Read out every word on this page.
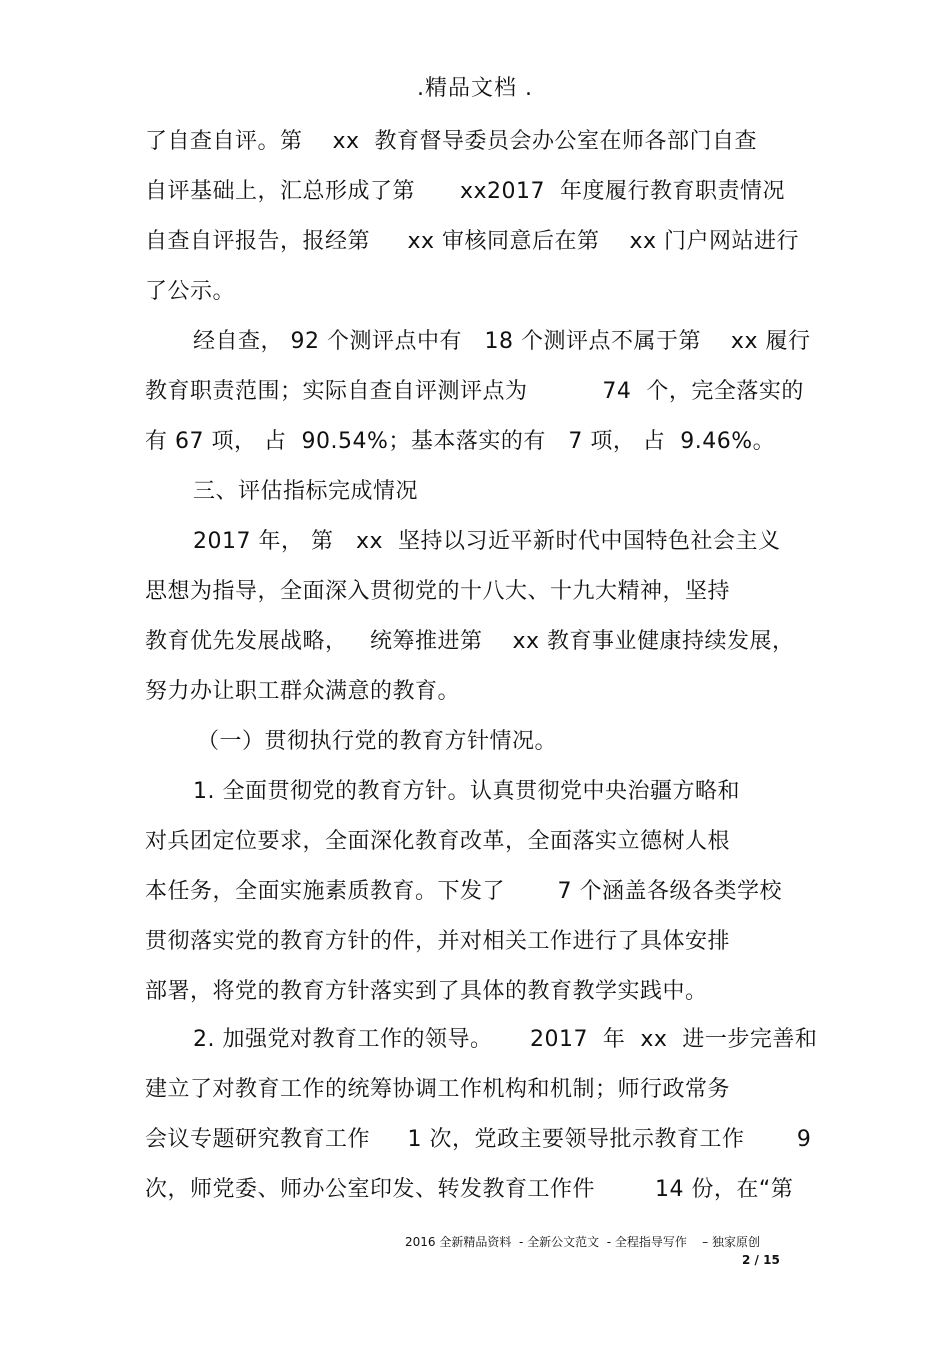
.精品文档 .
了自查自评。第    xx  教育督导委员会办公室在师各部门自查
自评基础上，汇总形成了第      xx2017  年度履行教育职责情况
自查自评报告，报经第     xx 审核同意后在第    xx 门户网站进行
了公示。
经自查， 92 个测评点中有   18 个测评点不属于第    xx 履行
教育职责范围；实际自查自评测评点为          74  个，完全落实的
有 67 项， 占  90.54%；基本落实的有   7 项， 占  9.46%。
三、评估指标完成情况
2017 年， 第   xx  坚持以习近平新时代中国特色社会主义
思想为指导，全面深入贯彻党的十八大、十九大精神，坚持
教育优先发展战略，   统筹推进第    xx 教育事业健康持续发展，
努力办让职工群众满意的教育。
（一）贯彻执行党的教育方针情况。
1. 全面贯彻党的教育方针。认真贯彻党中央治疆方略和
对兵团定位要求，全面深化教育改革，全面落实立德树人根
本任务，全面实施素质教育。下发了       7 个涵盖各级各类学校
贯彻落实党的教育方针的件，并对相关工作进行了具体安排
部署，将党的教育方针落实到了具体的教育教学实践中。
2. 加强党对教育工作的领导。     2017  年  xx  进一步完善和
建立了对教育工作的统筹协调工作机构和机制；师行政常务
会议专题研究教育工作     1 次，党政主要领导批示教育工作       9
次，师党委、师办公室印发、转发教育工作件        14 份，在“第
2016 全新精品资料  - 全新公文范文  - 全程指导写作    – 独家原创
2 / 15
